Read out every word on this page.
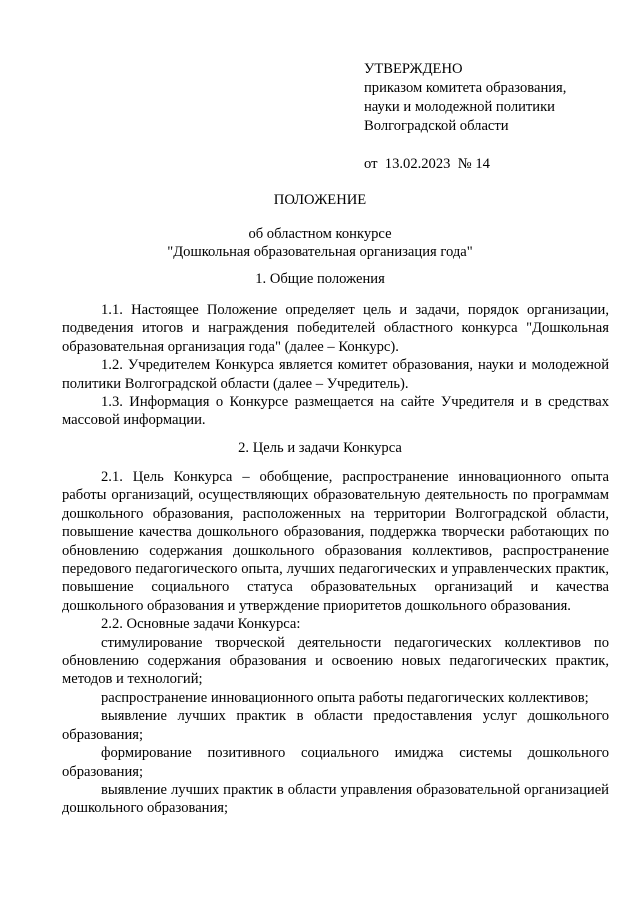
УТВЕРЖДЕНО
приказом комитета образования,
науки и молодежной политики
Волгоградской области
от  13.02.2023  № 14
ПОЛОЖЕНИЕ
об областном конкурсе
"Дошкольная образовательная организация года"
1. Общие положения

1.1. Настоящее Положение определяет цель и задачи, порядок организации, подведения итогов и награждения победителей областного конкурса "Дошкольная образовательная организация года" (далее – Конкурс).

1.2. Учредителем Конкурса является комитет образования, науки и молодежной политики Волгоградской области (далее – Учредитель).

1.3. Информация о Конкурсе размещается на сайте Учредителя и в средствах массовой информации.

2. Цель и задачи Конкурса

2.1. Цель Конкурса – обобщение, распространение инновационного опыта работы организаций, осуществляющих образовательную деятельность по программам дошкольного образования, расположенных на территории Волгоградской области, повышение качества дошкольного образования, поддержка творчески работающих по обновлению содержания дошкольного образования коллективов, распространение передового педагогического опыта, лучших педагогических и управленческих практик, повышение социального статуса образовательных организаций и качества дошкольного образования и утверждение приоритетов дошкольного образования.

2.2. Основные задачи Конкурса:

стимулирование творческой деятельности педагогических коллективов по обновлению содержания образования и освоению новых педагогических практик, методов и технологий;

распространение инновационного опыта работы педагогических коллективов;

выявление лучших практик в области предоставления услуг дошкольного образования;

формирование позитивного социального имиджа системы дошкольного образования;

выявление лучших практик в области управления образовательной организацией дошкольного образования;
